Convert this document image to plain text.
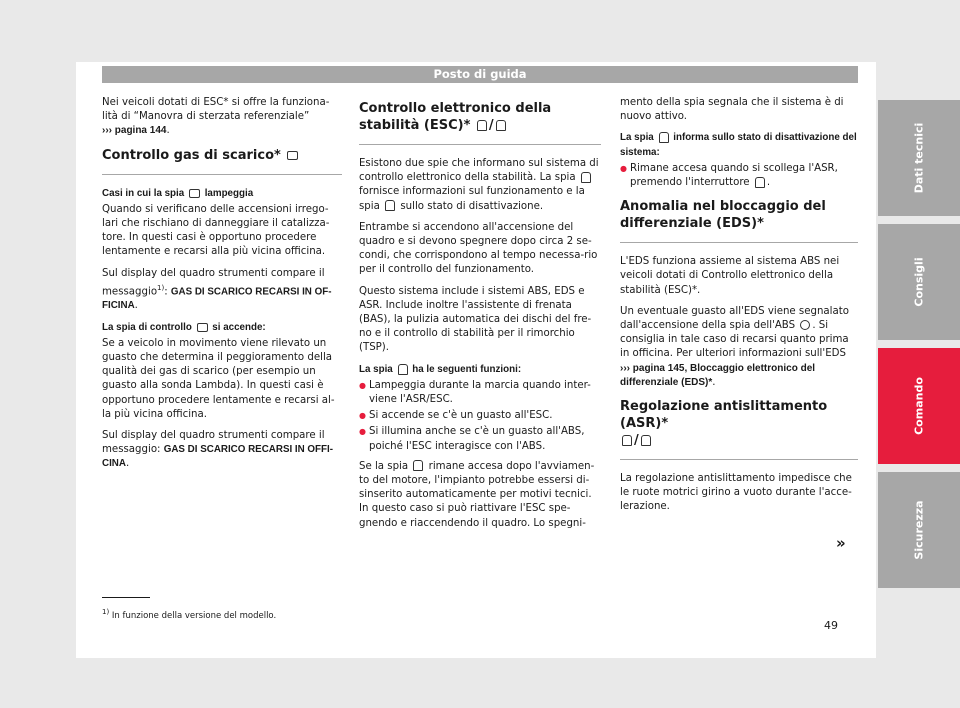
Posto di guida
Dati tecnici
Consigli
Comando
Sicurezza

Nei veicoli dotati di ESC* si offre la funziona-lità di “Manovra di sterzata referenziale”
››› pagina 144.

Controllo gas di scarico*

Casi in cui la spia lampeggia

Quando si verificano delle accensioni irrego-lari che rischiano di danneggiare il catalizza-tore. In questi casi è opportuno procedere lentamente e recarsi alla più vicina officina.

Sul display del quadro strumenti compare il messaggio$^{1)}$: GAS DI SCARICO RECARSI IN OF-FICINA.

La spia di controllo si accende:

Se a veicolo in movimento viene rilevato un guasto che determina il peggioramento della qualità dei gas di scarico (per esempio un guasto alla sonda Lambda). In questi casi è opportuno procedere lentamente e recarsi al-la più vicina officina.

Sul display del quadro strumenti compare il messaggio: GAS DI SCARICO RECARSI IN OFFI-CINA.

Controllo elettronico della stabilità (ESC)* /

Esistono due spie che informano sul sistema di controllo elettronico della stabilità. La spia  fornisce informazioni sul funzionamento e la spia sullo stato di disattivazione.

Entrambe si accendono all'accensione del quadro e si devono spegnere dopo circa 2 se-condi, che corrispondono al tempo necessa-rio per il controllo del funzionamento.

Questo sistema include i sistemi ABS, EDS e ASR. Include inoltre l'assistente di frenata (BAS), la pulizia automatica dei dischi del fre-no e il controllo di stabilità per il rimorchio (TSP).

La spia ha le seguenti funzioni:

● Lampeggia durante la marcia quando inter-viene l'ASR/ESC.
● Si accende se c'è un guasto all'ESC.
● Si illumina anche se c'è un guasto all'ABS, poiché l'ESC interagisce con l'ABS.

Se la spia rimane accesa dopo l'avviamen-to del motore, l'impianto potrebbe essersi di-sinserito automaticamente per motivi tecnici. In questo caso si può riattivare l'ESC spe-gnendo e riaccendendo il quadro. Lo spegni-

mento della spia segnala che il sistema è di nuovo attivo.

La spia informa sullo stato di disattivazione del sistema:

● Rimane accesa quando si scollega l'ASR, premendo l'interruttore .
Anomalia nel bloccaggio del differenziale (EDS)*

L'EDS funziona assieme al sistema ABS nei veicoli dotati di Controllo elettronico della stabilità (ESC)*.

Un eventuale guasto all'EDS viene segnalato dall'accensione della spia dell'ABS . Si consiglia in tale caso di recarsi quanto prima in officina. Per ulteriori informazioni sull'EDS
››› pagina 145, Bloccaggio elettronico del differenziale (EDS)*.

Regolazione antislittamento (ASR)*
/

La regolazione antislittamento impedisce che le ruote motrici girino a vuoto durante l'acce-lerazione.

»
$^{1)}$ In funzione della versione del modello.
49
